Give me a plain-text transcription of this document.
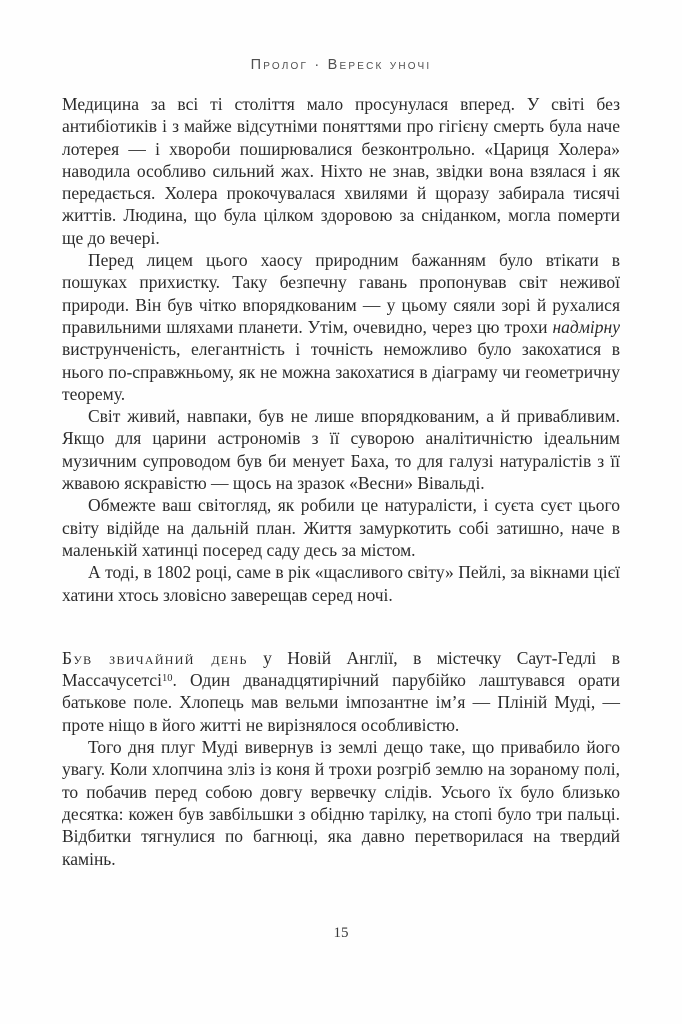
Пролог · Вереск уночі

Медицина за всі ті століття мало просунулася вперед. У світі без антибіотиків і з майже відсутніми поняттями про гігієну смерть була наче лотерея — і хвороби поширювалися безконтрольно. «Цариця Холера» наводила особливо сильний жах. Ніхто не знав, звідки вона взялася і як передається. Холера прокочувалася хвилями й щоразу забирала тисячі життів. Людина, що була цілком здоровою за сніданком, могла померти ще до вечері.

Перед лицем цього хаосу природним бажанням було втікати в пошуках прихистку. Таку безпечну гавань пропонував світ неживої природи. Він був чітко впорядкованим — у цьому сяяли зорі й рухалися правильними шляхами планети. Утім, очевидно, через цю трохи надмірну виструнченість, елегантність і точність неможливо було закохатися в нього по-справжньому, як не можна закохатися в діаграму чи геометричну теорему.

Світ живий, навпаки, був не лише впорядкованим, а й привабливим. Якщо для царини астрономів з її суворою аналітичністю ідеальним музичним супроводом був би менует Баха, то для галузі натуралістів з її жвавою яскравістю — щось на зразок «Весни» Вівальді.

Обмежте ваш світогляд, як робили це натуралісти, і суєта суєт цього світу відійде на дальній план. Життя замуркотить собі затишно, наче в маленькій хатинці посеред саду десь за містом.

А тоді, в 1802 році, саме в рік «щасливого світу» Пейлі, за вікнами цієї хатини хтось зловісно заверещав серед ночі.

Був звичайний день у Новій Англії, в містечку Саут-Гедлі в Массачусетсі$^{10}$. Один дванадцятирічний парубійко лаштувався орати батькове поле. Хлопець мав вельми імпозантне ім’я — Пліній Муді, — проте ніщо в його житті не вирізнялося особливістю.

Того дня плуг Муді вивернув із землі дещо таке, що привабило його увагу. Коли хлопчина зліз із коня й трохи розгріб землю на зораному полі, то побачив перед собою довгу вервечку слідів. Усього їх було близько десятка: кожен був завбільшки з обідню тарілку, на стопі було три пальці. Відбитки тягнулися по багнюці, яка давно перетворилася на твердий камінь.

15
